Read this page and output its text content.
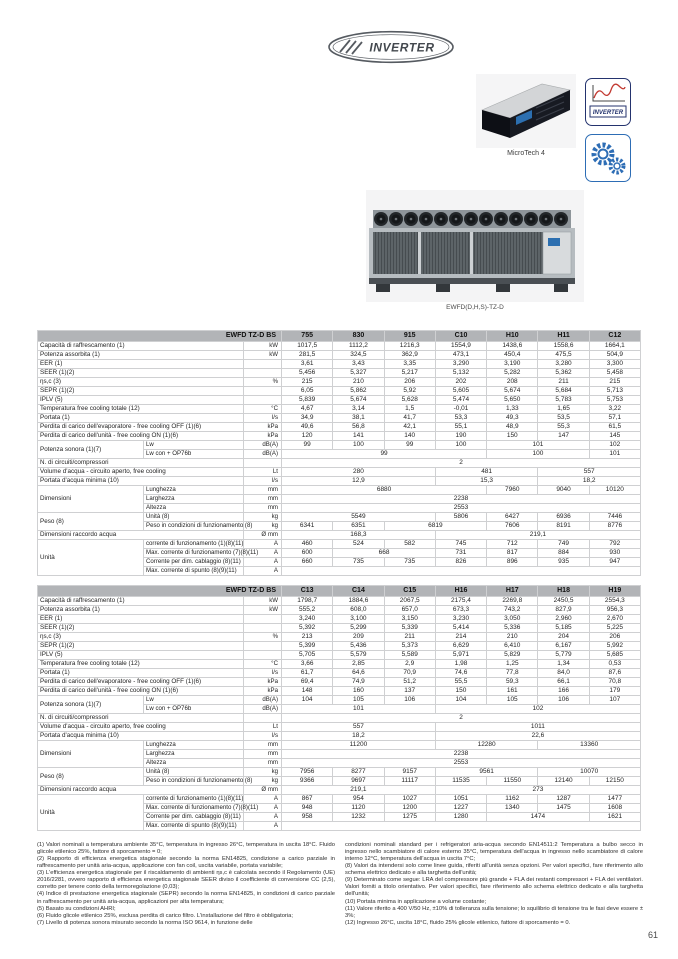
INVERTER
MicroTech 4
INVERTER
EWFD(D,H,S)-TZ-D
EWFD TZ-D BS			755	830	915	C10	H10	H11	C12
Capacità di raffrescamento (1)		kW	1017,5	1112,2	1216,3	1554,9	1438,6	1558,6	1664,1
Potenza assorbita (1)		kW	281,5	324,5	362,9	473,1	450,4	475,5	504,9
EER (1)			3,61	3,43	3,35	3,290	3,190	3,280	3,300
SEER (1)(2)			5,456	5,327	5,217	5,132	5,282	5,362	5,458
ηs,c (3)		%	215	210	206	202	208	211	215
SEPR (1)(2)			6,05	5,862	5,92	5,605	5,674	5,684	5,713
IPLV (5)			5,839	5,674	5,628	5,474	5,650	5,783	5,753
Temperatura free cooling totale (12)		°C	4,67	3,14	1,5	-0,01	1,33	1,65	3,22
Portata (1)		l/s	34,9	38,1	41,7	53,3	49,3	53,5	57,1
Perdita di carico dell'evaporatore - free cooling OFF (1)(6)		kPa	49,6	56,8	42,1	55,1	48,9	55,3	61,5
Perdita di carico dell'unità - free cooling ON (1)(6)		kPa	120	141	140	190	150	147	145
Potenza sonora (1)(7)	Lw	dB(A)	99	100	99	100	101		102
	Lw con + OP76b	dB(A)	99				100		101
N. di circuiti/compressori			2						
Volume d'acqua - circuito aperto, free cooling		Lt	280			481		557	
Portata d'acqua minima (10)		l/s	12,9			15,3		18,2	
Dimensioni	Lunghezza	mm	6880				7960	9040	10120
	Larghezza	mm	2238						
	Altezza	mm	2553						
Peso (8)	Unità (8)	kg	5549			5806	6427	6936	7446
	Peso in condizioni di funzionamento (8)	kg	6341	6351	6819		7606	8191	8776
Dimensioni raccordo acqua		Ø mm	168,3			219,1			
Unità	corrente di funzionamento (1)(8)(11)	A	460	524	582	745	712	749	792
	Max. corrente di funzionamento (7)(8)(11)	A	600	668		731	817	884	930
	Corrente per dim. cablaggio (8)(11)	A	660	735	735	826	896	935	947
	Max. corrente di spunto (8)(9)(11)	A							
EWFD TZ-D BS			C13	C14	C15	H16	H17	H18	H19
Capacità di raffrescamento (1)		kW	1798,7	1884,6	2067,5	2175,4	2269,8	2450,5	2554,3
Potenza assorbita (1)		kW	555,2	608,0	657,0	673,3	743,2	827,9	956,3
EER (1)			3,240	3,100	3,150	3,230	3,050	2,960	2,670
SEER (1)(2)			5,392	5,299	5,339	5,414	5,336	5,185	5,225
ηs,c (3)		%	213	209	211	214	210	204	206
SEPR (1)(2)			5,399	5,436	5,373	6,629	6,410	6,167	5,992
IPLV (5)			5,705	5,579	5,589	5,971	5,829	5,779	5,685
Temperatura free cooling totale (12)		°C	3,66	2,85	2,9	1,98	1,25	1,34	0,53
Portata (1)		l/s	61,7	64,6	70,9	74,6	77,8	84,0	87,6
Perdita di carico dell'evaporatore - free cooling OFF (1)(6)		kPa	69,4	74,9	51,2	55,5	59,3	66,1	70,8
Perdita di carico dell'unità - free cooling ON (1)(6)		kPa	148	160	137	150	161	166	179
Potenza sonora (1)(7)	Lw	dB(A)	104	105	106	104	105	106	107
	Lw con + OP76b	dB(A)	101			102			
N. di circuiti/compressori			2						
Volume d'acqua - circuito aperto, free cooling		Lt	557			1011			
Portata d'acqua minima (10)		l/s	18,2			22,6			
Dimensioni	Lunghezza	mm	11200			12280		13360	
	Larghezza	mm	2238						
	Altezza	mm	2553						
Peso (8)	Unità (8)	kg	7956	8277	9157	9561		10070	
	Peso in condizioni di funzionamento (8)	kg	9366	9697	11117	11535	11550	12140	12150
Dimensioni raccordo acqua		Ø mm	219,1			273			
Unità	corrente di funzionamento (1)(8)(11)	A	867	954	1027	1051	1162	1287	1477
	Max. corrente di funzionamento (7)(8)(11)	A	948	1120	1200	1227	1340	1475	1608
	Corrente per dim. cablaggio (8)(11)	A	958	1232	1275	1280	1474		1621
	Max. corrente di spunto (8)(9)(11)	A							
(1) Valori nominali a temperatura ambiente 35°C, temperatura in ingresso 26°C, temperatura in uscita 18°C. Fluido glicole etilenico 25%, fattore di sporcamento = 0;
(2) Rapporto di efficienza energetica stagionale secondo la norma EN14825, condizione a carico parziale in raffrescamento per unità aria-acqua, applicazione con fan coil, uscita variabile, portata variabile;
(3) L'efficienza energetica stagionale per il riscaldamento di ambienti ηs,c è calcolata secondo il Regolamento (UE) 2016/2281, ovvero rapporto di efficienza energetica stagionale SEER diviso il coefficiente di conversione CC (2,5), corretto per tenere conto della termoregolazione (0,03);
(4) Indice di prestazione energetica stagionale (SEPR) secondo la norma EN14825, in condizioni di carico parziale in raffrescamento per unità aria-acqua, applicazioni per alta temperatura;
(5) Basato su condizioni AHRI;
(6) Fluido glicole etilenico 25%, esclusa perdita di carico filtro. L'installazione del filtro è obbligatoria;
(7) Livello di potenza sonora misurato secondo la norma ISO 9614, in funzione delle
condizioni nominali standard per i refrigeratori aria-acqua secondo EN14511:2 Temperatura a bulbo secco in ingresso nello scambiatore di calore esterno 35°C, temperatura dell'acqua in ingresso nello scambiatore di calore interno 12°C, temperatura dell'acqua in uscita 7°C;
(8) Valori da intendersi solo come linee guida, riferiti all'unità senza opzioni. Per valori specifici, fare riferimento allo schema elettrico dedicato e alla targhetta dell'unità;
(9) Determinato come segue: LRA del compressore più grande + FLA dei restanti compressori + FLA dei ventilatori. Valori forniti a titolo orientativo. Per valori specifici, fare riferimento allo schema elettrico dedicato e alla targhetta dell'unità;
(10) Portata minima in applicazione a volume costante;
(11) Valore riferito a 400 V/50 Hz, ±10% di tolleranza sulla tensione; lo squilibrio di tensione tra le fasi deve essere ± 3%;
(12) Ingresso 26°C, uscita 18°C, fluido 25% glicole etilenico, fattore di sporcamento = 0.
61
